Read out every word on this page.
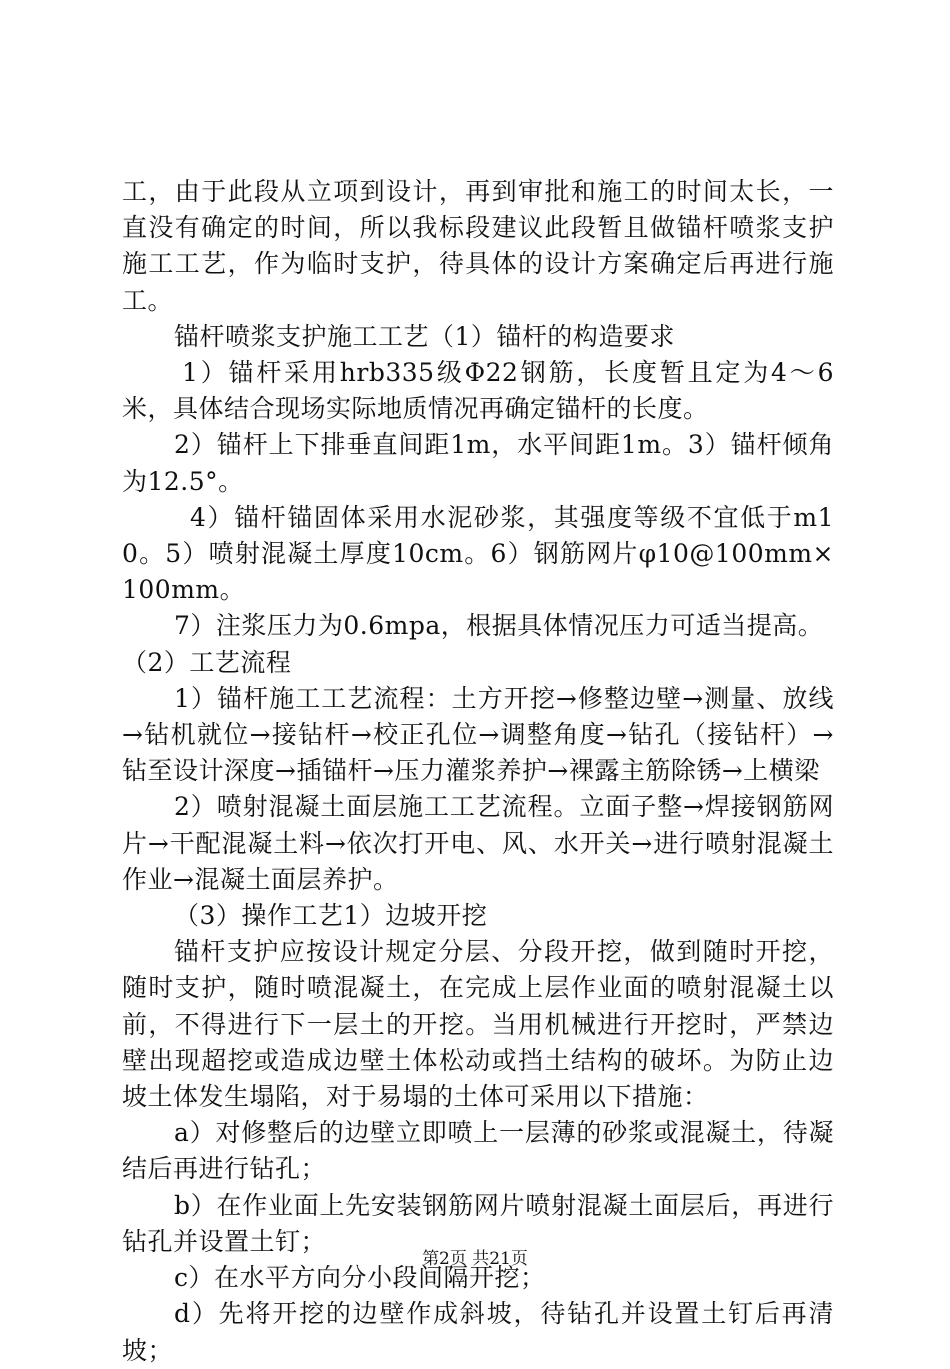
工，由于此段从立项到设计，再到审批和施工的时间太长，一直没有确定的时间，所以我标段建议此段暂且做锚杆喷浆支护施工工艺，作为临时支护，待具体的设计方案确定后再进行施工。

锚杆喷浆支护施工工艺（1）锚杆的构造要求

1）锚杆采用hrb335级Φ22钢筋，长度暂且定为4～6米，具体结合现场实际地质情况再确定锚杆的长度。

2）锚杆上下排垂直间距1m，水平间距1m。3）锚杆倾角为12.5°。

4）锚杆锚固体采用水泥砂浆，其强度等级不宜低于m10。5）喷射混凝土厚度10cm。6）钢筋网片φ10@100mm×100mm。

7）注浆压力为0.6mpa，根据具体情况压力可适当提高。

（2）工艺流程

1）锚杆施工工艺流程：土方开挖→修整边壁→测量、放线→钻机就位→接钻杆→校正孔位→调整角度→钻孔（接钻杆）→钻至设计深度→插锚杆→压力灌浆养护→裸露主筋除锈→上横梁

2）喷射混凝土面层施工工艺流程。立面子整→焊接钢筋网片→干配混凝土料→依次打开电、风、水开关→进行喷射混凝土作业→混凝土面层养护。

（3）操作工艺1）边坡开挖

锚杆支护应按设计规定分层、分段开挖，做到随时开挖，随时支护，随时喷混凝土，在完成上层作业面的喷射混凝土以前，不得进行下一层土的开挖。当用机械进行开挖时，严禁边壁出现超挖或造成边壁土体松动或挡土结构的破坏。为防止边坡土体发生塌陷，对于易塌的土体可采用以下措施：

a）对修整后的边壁立即喷上一层薄的砂浆或混凝土，待凝结后再进行钻孔；

b）在作业面上先安装钢筋网片喷射混凝土面层后，再进行钻孔并设置土钉；

c）在水平方向分小段间隔开挖；

d）先将开挖的边壁作成斜坡，待钻孔并设置土钉后再清坡；

第2页 共21页
